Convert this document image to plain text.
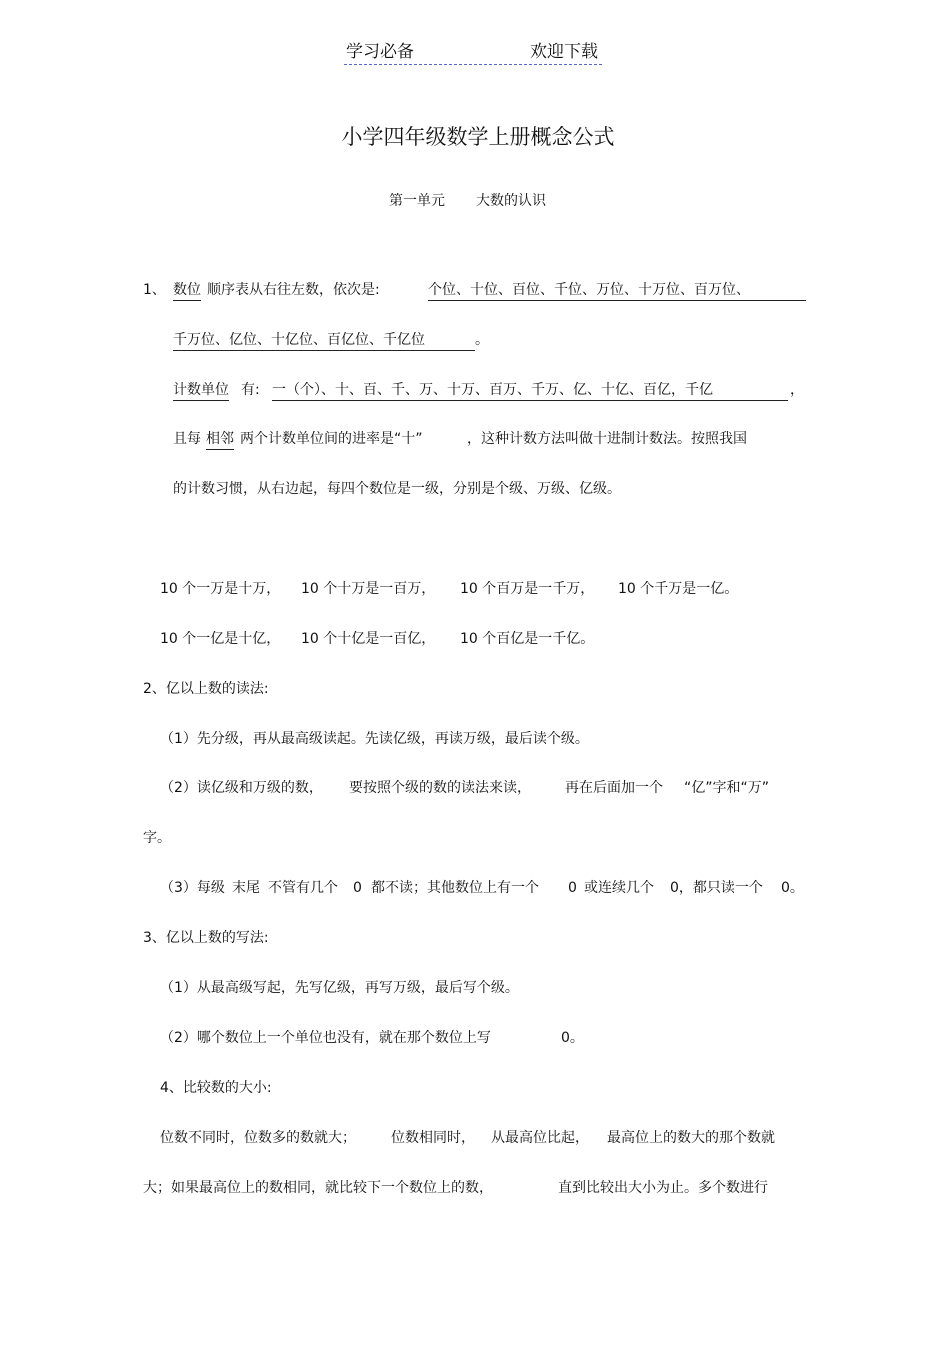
学习必备	欢迎下载
小学四年级数学上册概念公式
第一单元 大数的认识
1、 数位 顺序表从右往左数，依次是:	个位、十位、百位、千位、万位、十万位、百万位、
千万位、亿位、十亿位、百亿位、千亿位	。
计数单位 有: 一（个）、十、百、千、万、十万、百万、千万、亿、十亿、百亿，千亿	，
且每 相邻 两个计数单位间的进率是“十”	，这种计数方法叫做十进制计数法。按照我国
的计数习惯，从右边起，每四个数位是一级，分别是个级、万级、亿级。
10 个一万是十万， 10 个十万是一百万， 10 个百万是一千万， 10 个千万是一亿。
10 个一亿是十亿， 10 个十亿是一百亿， 10 个百亿是一千亿。
2、亿以上数的读法:
（1）先分级，再从最高级读起。先读亿级，再读万级，最后读个级。
（2）读亿级和万级的数， 要按照个级的数的读法来读， 再在后面加一个 “亿”字和“万”
字。
（3）每级 末尾 不管有几个 0 都不读；其他数位上有一个 0 或连续几个 0，都只读一个 0。
3、亿以上数的写法:
（1）从最高级写起，先写亿级，再写万级，最后写个级。
（2）哪个数位上一个单位也没有，就在那个数位上写	0。
4、比较数的大小:
位数不同时，位数多的数就大；	位数相同时， 从最高位比起， 最高位上的数大的那个数就
大；如果最高位上的数相同，就比较下一个数位上的数，	直到比较出大小为止。多个数进行
